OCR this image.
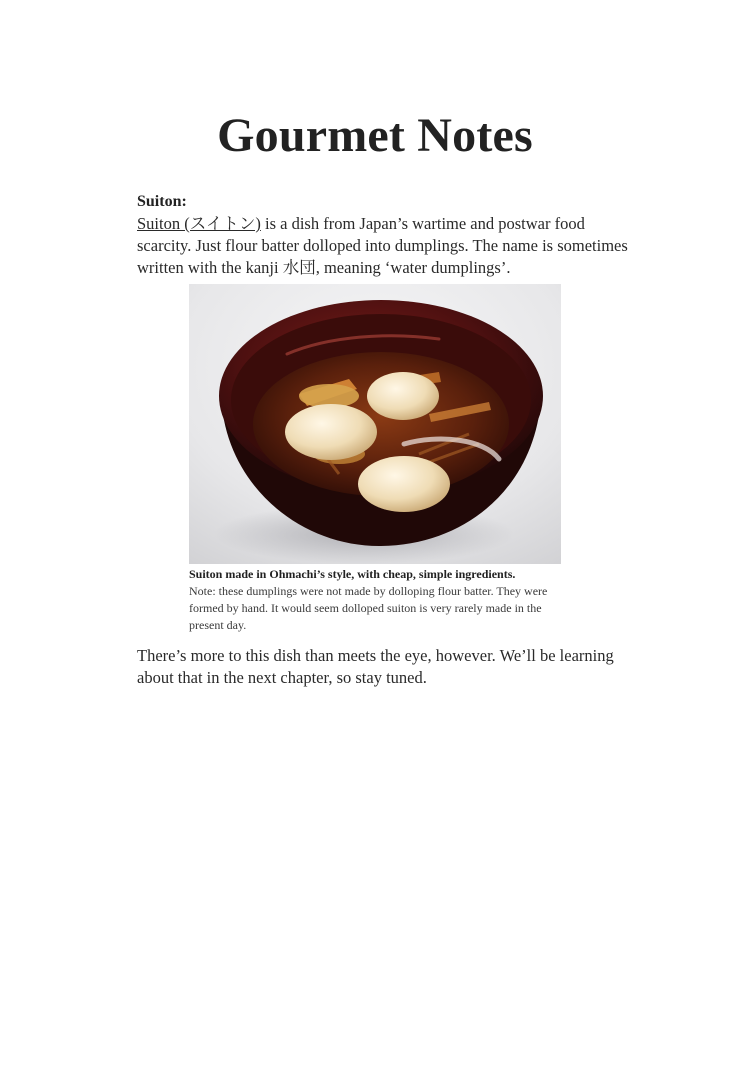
Gourmet Notes
Suiton:

Suiton (スイトン) is a dish from Japan’s wartime and postwar food scarcity. Just flour batter dolloped into dumplings. The name is sometimes written with the kanji 水団, meaning ‘water dumplings’.

Suiton made in Ohmachi’s style, with cheap, simple ingredients.
Note: these dumplings were not made by dolloping flour batter. They were formed by hand. It would seem dolloped suiton is very rarely made in the present day.

There’s more to this dish than meets the eye, however. We’ll be learning about that in the next chapter, so stay tuned.
